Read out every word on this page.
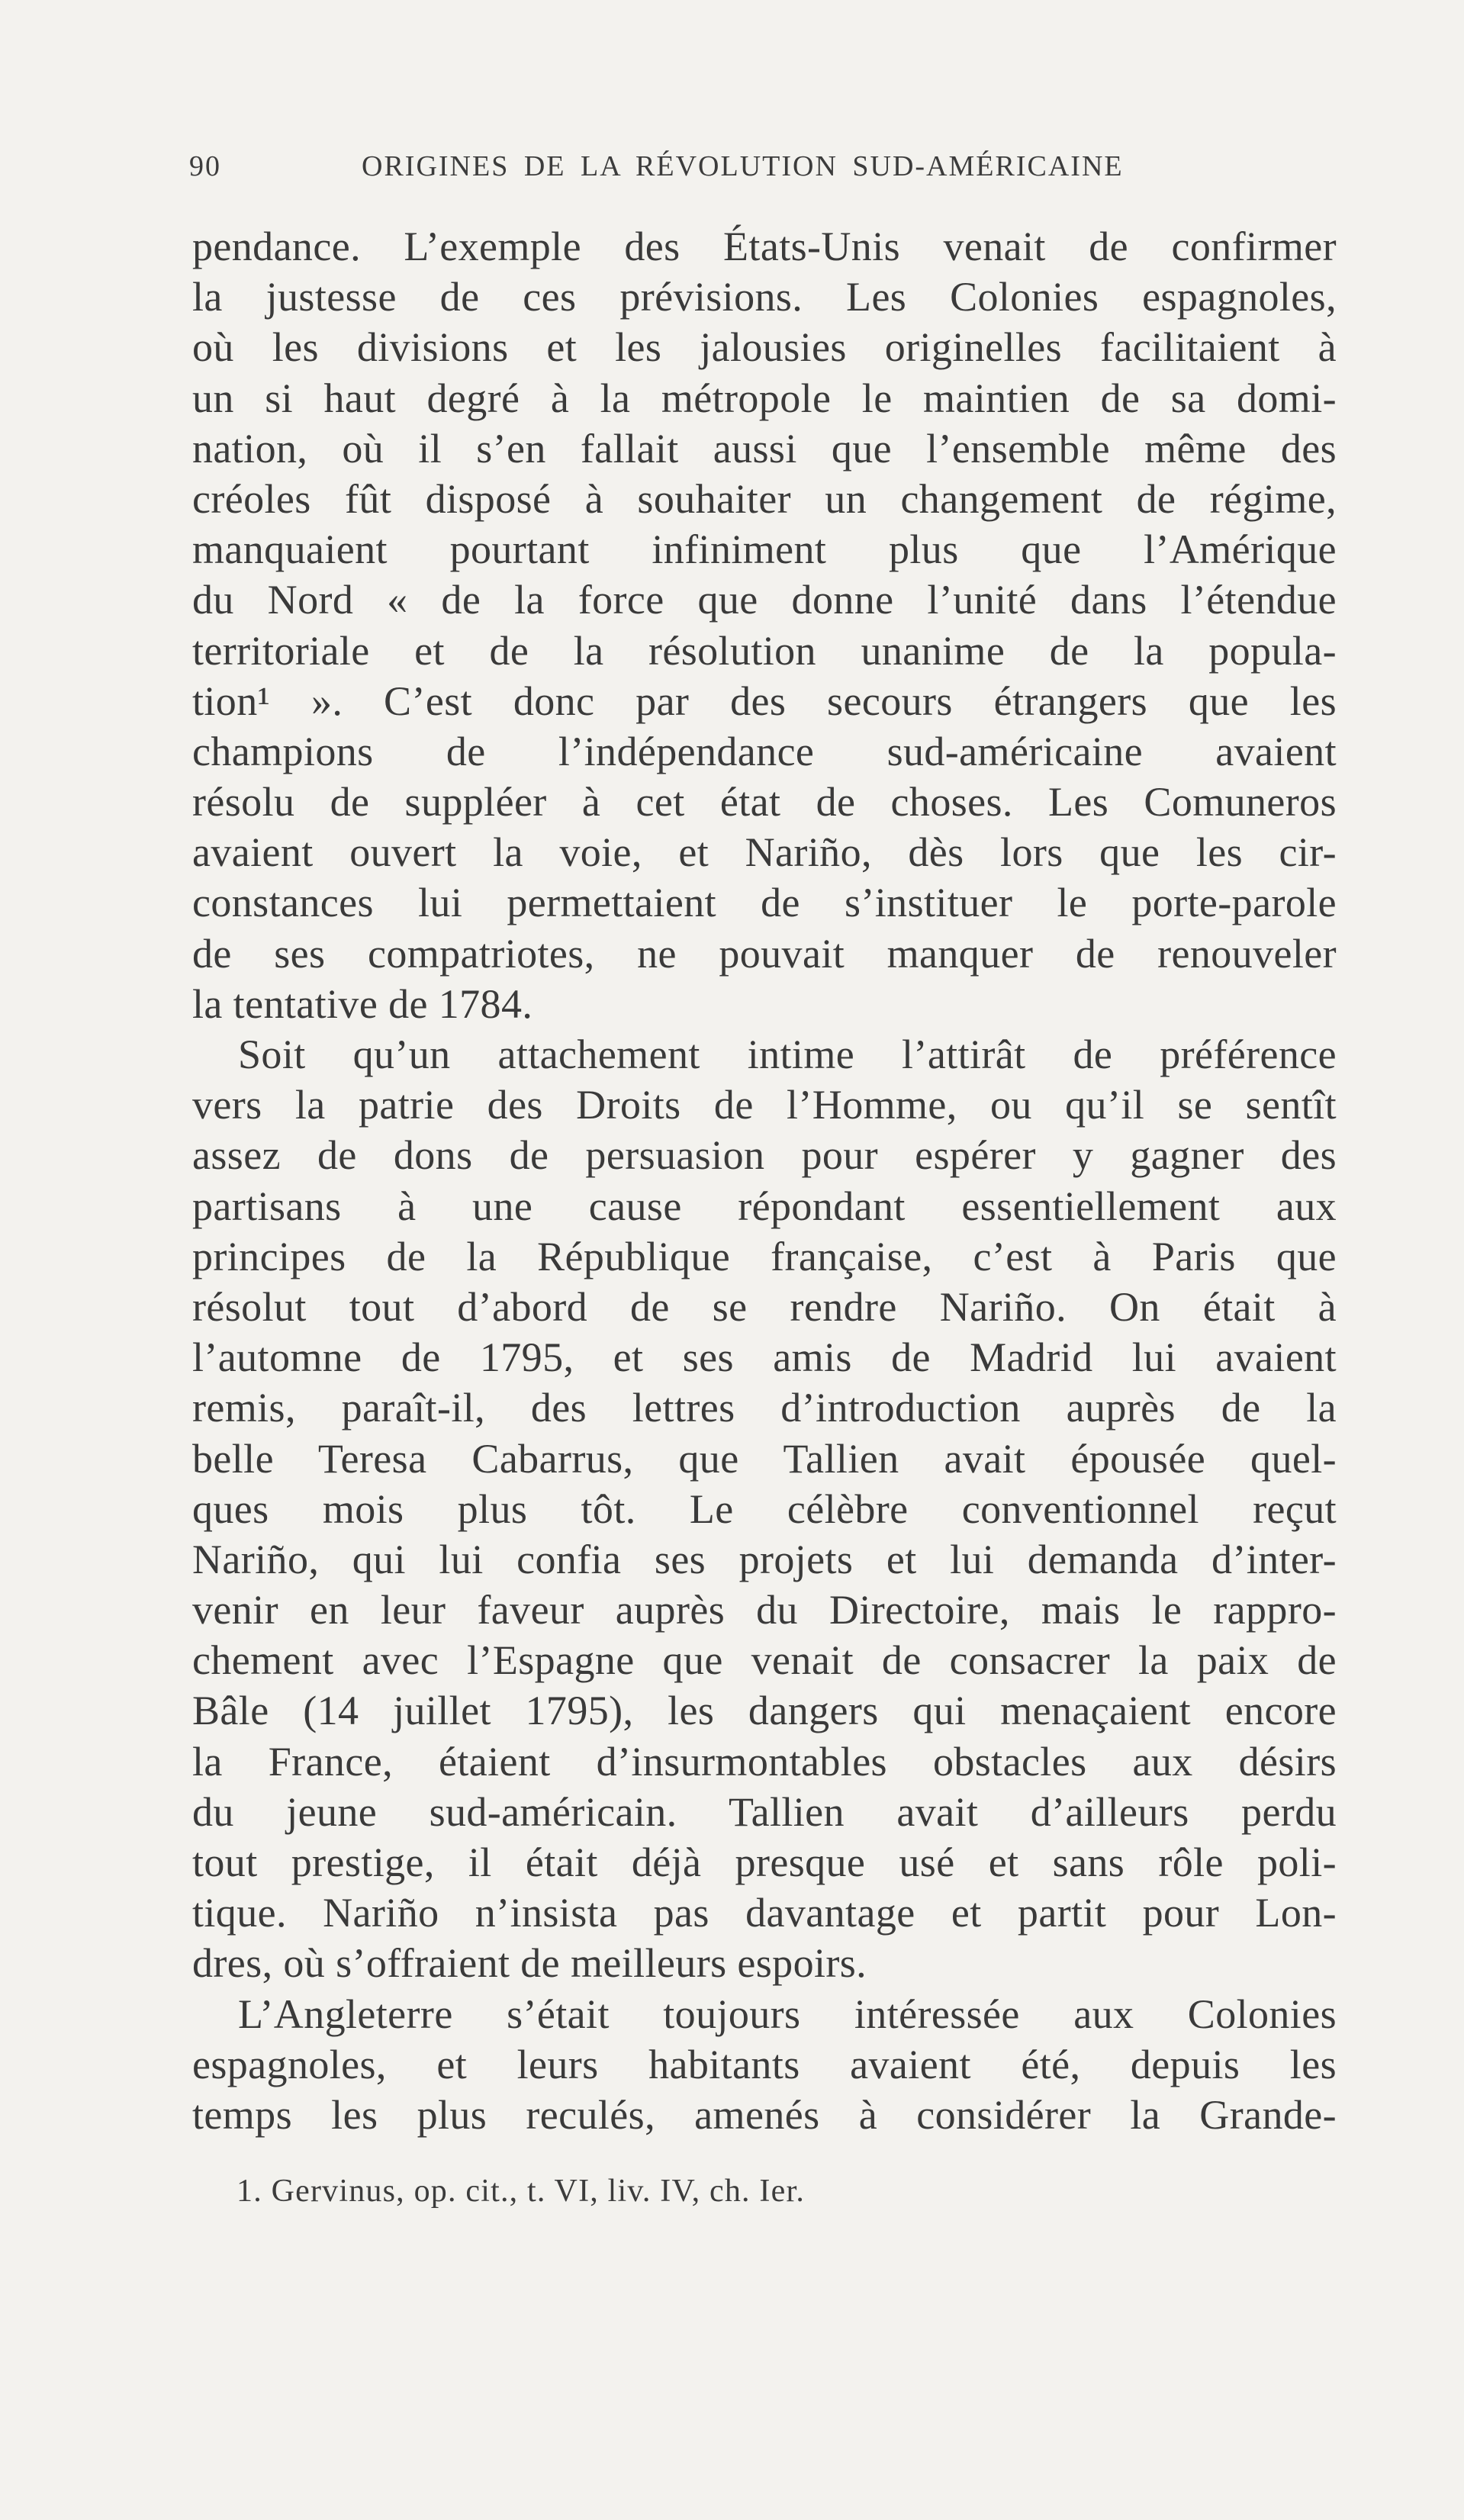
90	ORIGINES DE LA RÉVOLUTION SUD-AMÉRICAINE
pendance. L’exemple des États-Unis venait de confirmer
la justesse de ces prévisions. Les Colonies espagnoles,
où les divisions et les jalousies originelles facilitaient à
un si haut degré à la métropole le maintien de sa domi-
nation, où il s’en fallait aussi que l’ensemble même des
créoles fût disposé à souhaiter un changement de régime,
manquaient pourtant infiniment plus que l’Amérique
du Nord « de la force que donne l’unité dans l’étendue
territoriale et de la résolution unanime de la popula-
tion¹ ». C’est donc par des secours étrangers que les
champions de l’indépendance sud-américaine avaient
résolu de suppléer à cet état de choses. Les Comuneros
avaient ouvert la voie, et Nariño, dès lors que les cir-
constances lui permettaient de s’instituer le porte-parole
de ses compatriotes, ne pouvait manquer de renouveler
la tentative de 1784.
Soit qu’un attachement intime l’attirât de préférence
vers la patrie des Droits de l’Homme, ou qu’il se sentît
assez de dons de persuasion pour espérer y gagner des
partisans à une cause répondant essentiellement aux
principes de la République française, c’est à Paris que
résolut tout d’abord de se rendre Nariño. On était à
l’automne de 1795, et ses amis de Madrid lui avaient
remis, paraît-il, des lettres d’introduction auprès de la
belle Teresa Cabarrus, que Tallien avait épousée quel-
ques mois plus tôt. Le célèbre conventionnel reçut
Nariño, qui lui confia ses projets et lui demanda d’inter-
venir en leur faveur auprès du Directoire, mais le rappro-
chement avec l’Espagne que venait de consacrer la paix de
Bâle (14 juillet 1795), les dangers qui menaçaient encore
la France, étaient d’insurmontables obstacles aux désirs
du jeune sud-américain. Tallien avait d’ailleurs perdu
tout prestige, il était déjà presque usé et sans rôle poli-
tique. Nariño n’insista pas davantage et partit pour Lon-
dres, où s’offraient de meilleurs espoirs.
L’Angleterre s’était toujours intéressée aux Colonies
espagnoles, et leurs habitants avaient été, depuis les
temps les plus reculés, amenés à considérer la Grande-
1. Gervinus, op. cit., t. VI, liv. IV, ch. Ier.
